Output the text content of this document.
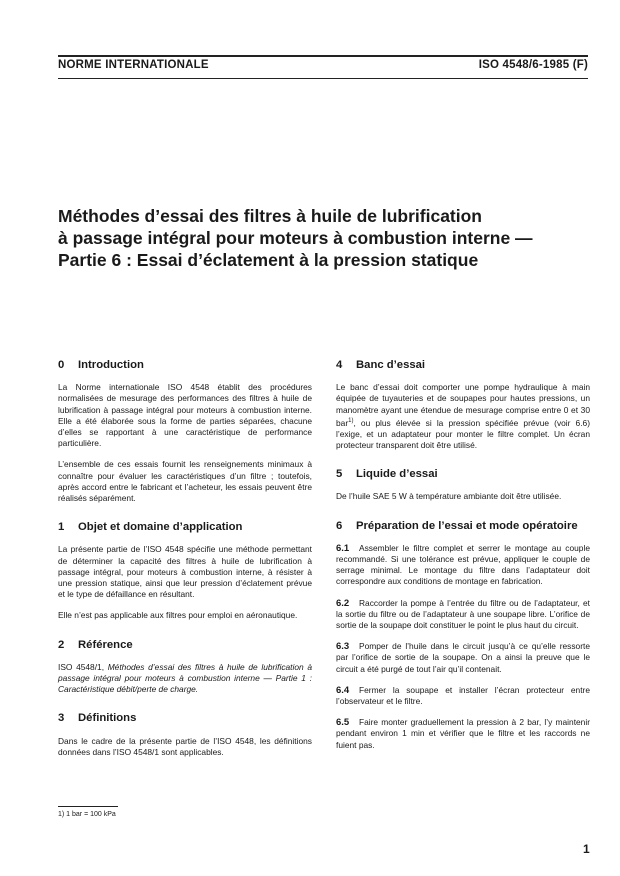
NORME INTERNATIONALE	ISO 4548/6-1985 (F)
Méthodes d’essai des filtres à huile de lubrification
à passage intégral pour moteurs à combustion interne —
Partie 6 : Essai d’éclatement à la pression statique
0 Introduction

La Norme internationale ISO 4548 établit des procédures normalisées de mesurage des performances des filtres à huile de lubrification à passage intégral pour moteurs à combustion interne. Elle a été élaborée sous la forme de parties séparées, chacune d’elles se rapportant à une caractéristique de performance particulière.

L’ensemble de ces essais fournit les renseignements minimaux à connaître pour évaluer les caractéristiques d’un filtre ; toutefois, après accord entre le fabricant et l’acheteur, les essais peuvent être réalisés séparément.

1 Objet et domaine d’application

La présente partie de l’ISO 4548 spécifie une méthode permettant de déterminer la capacité des filtres à huile de lubrification à passage intégral, pour moteurs à combustion interne, à résister à une pression statique, ainsi que leur pression d’éclatement prévue et le type de défaillance en résultant.

Elle n’est pas applicable aux filtres pour emploi en aéronautique.

2 Référence

ISO 4548/1, Méthodes d’essai des filtres à huile de lubrification à passage intégral pour moteurs à combustion interne — Partie 1 : Caractéristique débit/perte de charge.

3 Définitions

Dans le cadre de la présente partie de l’ISO 4548, les définitions données dans l’ISO 4548/1 sont applicables.

4 Banc d’essai

Le banc d’essai doit comporter une pompe hydraulique à main équipée de tuyauteries et de soupapes pour hautes pressions, un manomètre ayant une étendue de mesurage comprise entre 0 et 30 bar$^{1)}$, ou plus élevée si la pression spécifiée prévue (voir 6.6) l’exige, et un adaptateur pour monter le filtre complet. Un écran protecteur transparent doit être utilisé.

5 Liquide d’essai

De l’huile SAE 5 W à température ambiante doit être utilisée.

6 Préparation de l’essai et mode opératoire

6.1 Assembler le filtre complet et serrer le montage au couple recommandé. Si une tolérance est prévue, appliquer le couple de serrage minimal. Le montage du filtre dans l’adaptateur doit correspondre aux conditions de montage en fabrication.

6.2 Raccorder la pompe à l’entrée du filtre ou de l’adaptateur, et la sortie du filtre ou de l’adaptateur à une soupape libre. L’orifice de sortie de la soupape doit constituer le point le plus haut du circuit.

6.3 Pomper de l’huile dans le circuit jusqu’à ce qu’elle ressorte par l’orifice de sortie de la soupape. On a ainsi la preuve que le circuit a été purgé de tout l’air qu’il contenait.

6.4 Fermer la soupape et installer l’écran protecteur entre l’observateur et le filtre.

6.5 Faire monter graduellement la pression à 2 bar, l’y maintenir pendant environ 1 min et vérifier que le filtre et les raccords ne fuient pas.

1) 1 bar = 100 kPa
1
